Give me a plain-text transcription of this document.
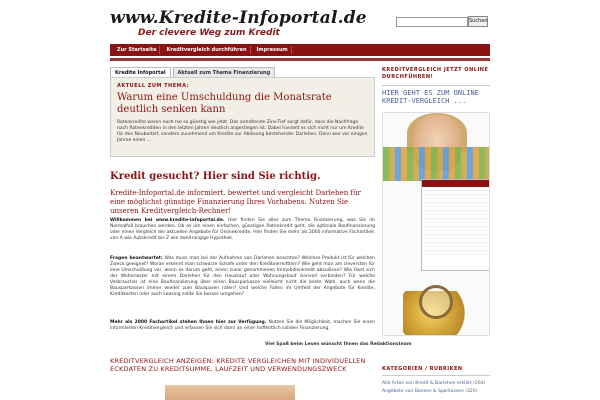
www.Kredite-Infoportal.de
Der clevere Weg zum Kredit
Suchen
Zur Startseite	Kreditvergleich durchführen	Impressum
Kredite Infoportal	Aktuell zum Thema Finanzierung
AKTUELL ZUM THEMA:
Warum eine Umschuldung die Monatsrate deutlich senken kann
Ratenkredite waren noch nie so günstig wie jetzt. Das anhaltende Zins-Tief sorgt dafür, dass die Nachfrage nach Ratenkrediten in den letzten Jahren deutlich angestiegen ist. Dabei handelt es sich nicht nur um Kredite für den Neubedarf, sondern zunehmend um Kredite zur Ablösung bestehender Darlehen. Denn wer vor einigen Jahren einen ...
Kredit gesucht? Hier sind Sie richtig.
Kredite-Infoportal.de informiert, bewertet und vergleicht Darlehen für eine möglichst günstige Finanzierung Ihres Vorhabens. Nutzen Sie unseren Kreditvergleich-Rechner!
Willkommen bei www.kredite-infoportal.de. Hier finden Sie alles zum Thema Finanzierung, was Sie im Normalfall brauchen werden. Ob es um einen einfachen, günstigen Ratenkredit geht, die optimale Baufinanzierung oder einen Vergleich der aktuellen Angebote für Onlinekredite. Hier finden Sie mehr als 2000 informative Fachartikel, von A wie Autokredit bis Z wie zweitrangige Hypothek.
Fragen beantwortet: Was muss man bei der Aufnahme von Darlehen beachten? Welches Produkt ist für welchen Zweck geeignet? Woran erkennt man schwarze Schafe unter den Kreditvermittlern? Wie geht man am cleversten für eine Umschuldung vor, wenn es darum geht, einen zuvor genommenen Immobilienkredit abzulösen? Wie lässt sich der Wohnriester mit einem Darlehen für den Hauskauf oder Wohnungskauf sinnvoll verbinden? Für welche Verbraucher ist eine Baufinanzierung über einen Bausparkasse vielleicht nicht die beste Wahl, auch wenn die Bausparkassen immer wieder zum Bausparen raten? Und welche Fallen im Umfeld der Angebote für Kredite, Kreditkarten oder auch Leasing sollte Sie besser umgehen?
Mehr als 2000 Fachartikel stehen Ihnen hier zur Verfügung. Nutzen Sie die Möglichkeit, machen Sie einen informierten Kreditvergleich und erfassen Sie sich dann an einer hoffentlich soliden Finanzierung.
Viel Spaß beim Lesen wünscht Ihnen das Redaktionsteam
KREDITVERGLEICH ANZEIGEN: KREDITE VERGLEICHEN MIT INDIVIDUELLEN ECKDATEN ZU KREDITSUMME, LAUFZEIT UND VERWENDUNGSZWECK
KREDITVERGLEICH JETZT ONLINE DURCHFÜHREN!
HIER GEHT ES ZUM ONLINE KREDIT-VERGLEICH ...
KATEGORIEN / RUBRIKEN
Alle Arten von Kredit & Darlehen erklärt (264)
Angebote von Banken & Sparkassen (320)
